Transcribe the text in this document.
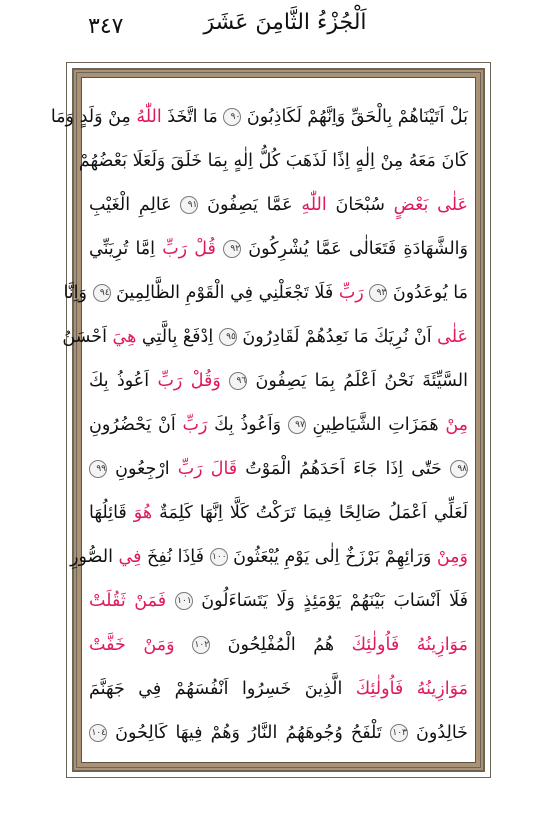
٣٤٧	اَلْجُزْءُ الثَّامِنَ عَشَرَ
بَلْ اَتَيْنَاهُمْ بِالْحَقِّ وَاِنَّهُمْ لَكَاذِبُونَ ٩٠ مَا اتَّخَذَ اللّٰهُ مِنْ وَلَدٍ وَمَا
كَانَ مَعَهُ مِنْ اِلٰهٍ اِذًا لَذَهَبَ كُلُّ اِلٰهٍ بِمَا خَلَقَ وَلَعَلَا بَعْضُهُمْ
عَلٰى بَعْضٍ سُبْحَانَ اللّٰهِ عَمَّا يَصِفُونَ ٩١ عَالِمِ الْغَيْبِ
وَالشَّهَادَةِ فَتَعَالٰى عَمَّا يُشْرِكُونَ ٩٢ قُلْ رَبِّ اِمَّا تُرِيَنِّي
مَا يُوعَدُونَ ٩٣ رَبِّ فَلَا تَجْعَلْنِي فِي الْقَوْمِ الظَّالِمِينَ ٩٤ وَاِنَّا
عَلٰى اَنْ نُرِيَكَ مَا نَعِدُهُمْ لَقَادِرُونَ ٩٥ اِدْفَعْ بِالَّتِي هِيَ اَحْسَنُ
السَّيِّئَةَ نَحْنُ اَعْلَمُ بِمَا يَصِفُونَ ٩٦ وَقُلْ رَبِّ اَعُوذُ بِكَ
مِنْ هَمَزَاتِ الشَّيَاطِينِ ٩٧ وَاَعُوذُ بِكَ رَبِّ اَنْ يَحْضُرُونِ
٩٨ حَتّٰى اِذَا جَاءَ اَحَدَهُمُ الْمَوْتُ قَالَ رَبِّ ارْجِعُونِ ٩٩
لَعَلِّي اَعْمَلُ صَالِحًا فِيمَا تَرَكْتُ كَلَّا اِنَّهَا كَلِمَةٌ هُوَ قَائِلُهَا
وَمِنْ وَرَائِهِمْ بَرْزَخٌ اِلٰى يَوْمِ يُبْعَثُونَ ١٠٠ فَاِذَا نُفِخَ فِي الصُّورِ
فَلَا اَنْسَابَ بَيْنَهُمْ يَوْمَئِذٍ وَلَا يَتَسَاءَلُونَ ١٠١ فَمَنْ ثَقُلَتْ
مَوَازِينُهُ فَاُولٰئِكَ هُمُ الْمُفْلِحُونَ ١٠٢ وَمَنْ خَفَّتْ
مَوَازِينُهُ فَاُولٰئِكَ الَّذِينَ خَسِرُوا اَنْفُسَهُمْ فِي جَهَنَّمَ
خَالِدُونَ ١٠٣ تَلْفَحُ وُجُوهَهُمُ النَّارُ وَهُمْ فِيهَا كَالِحُونَ ١٠٤
